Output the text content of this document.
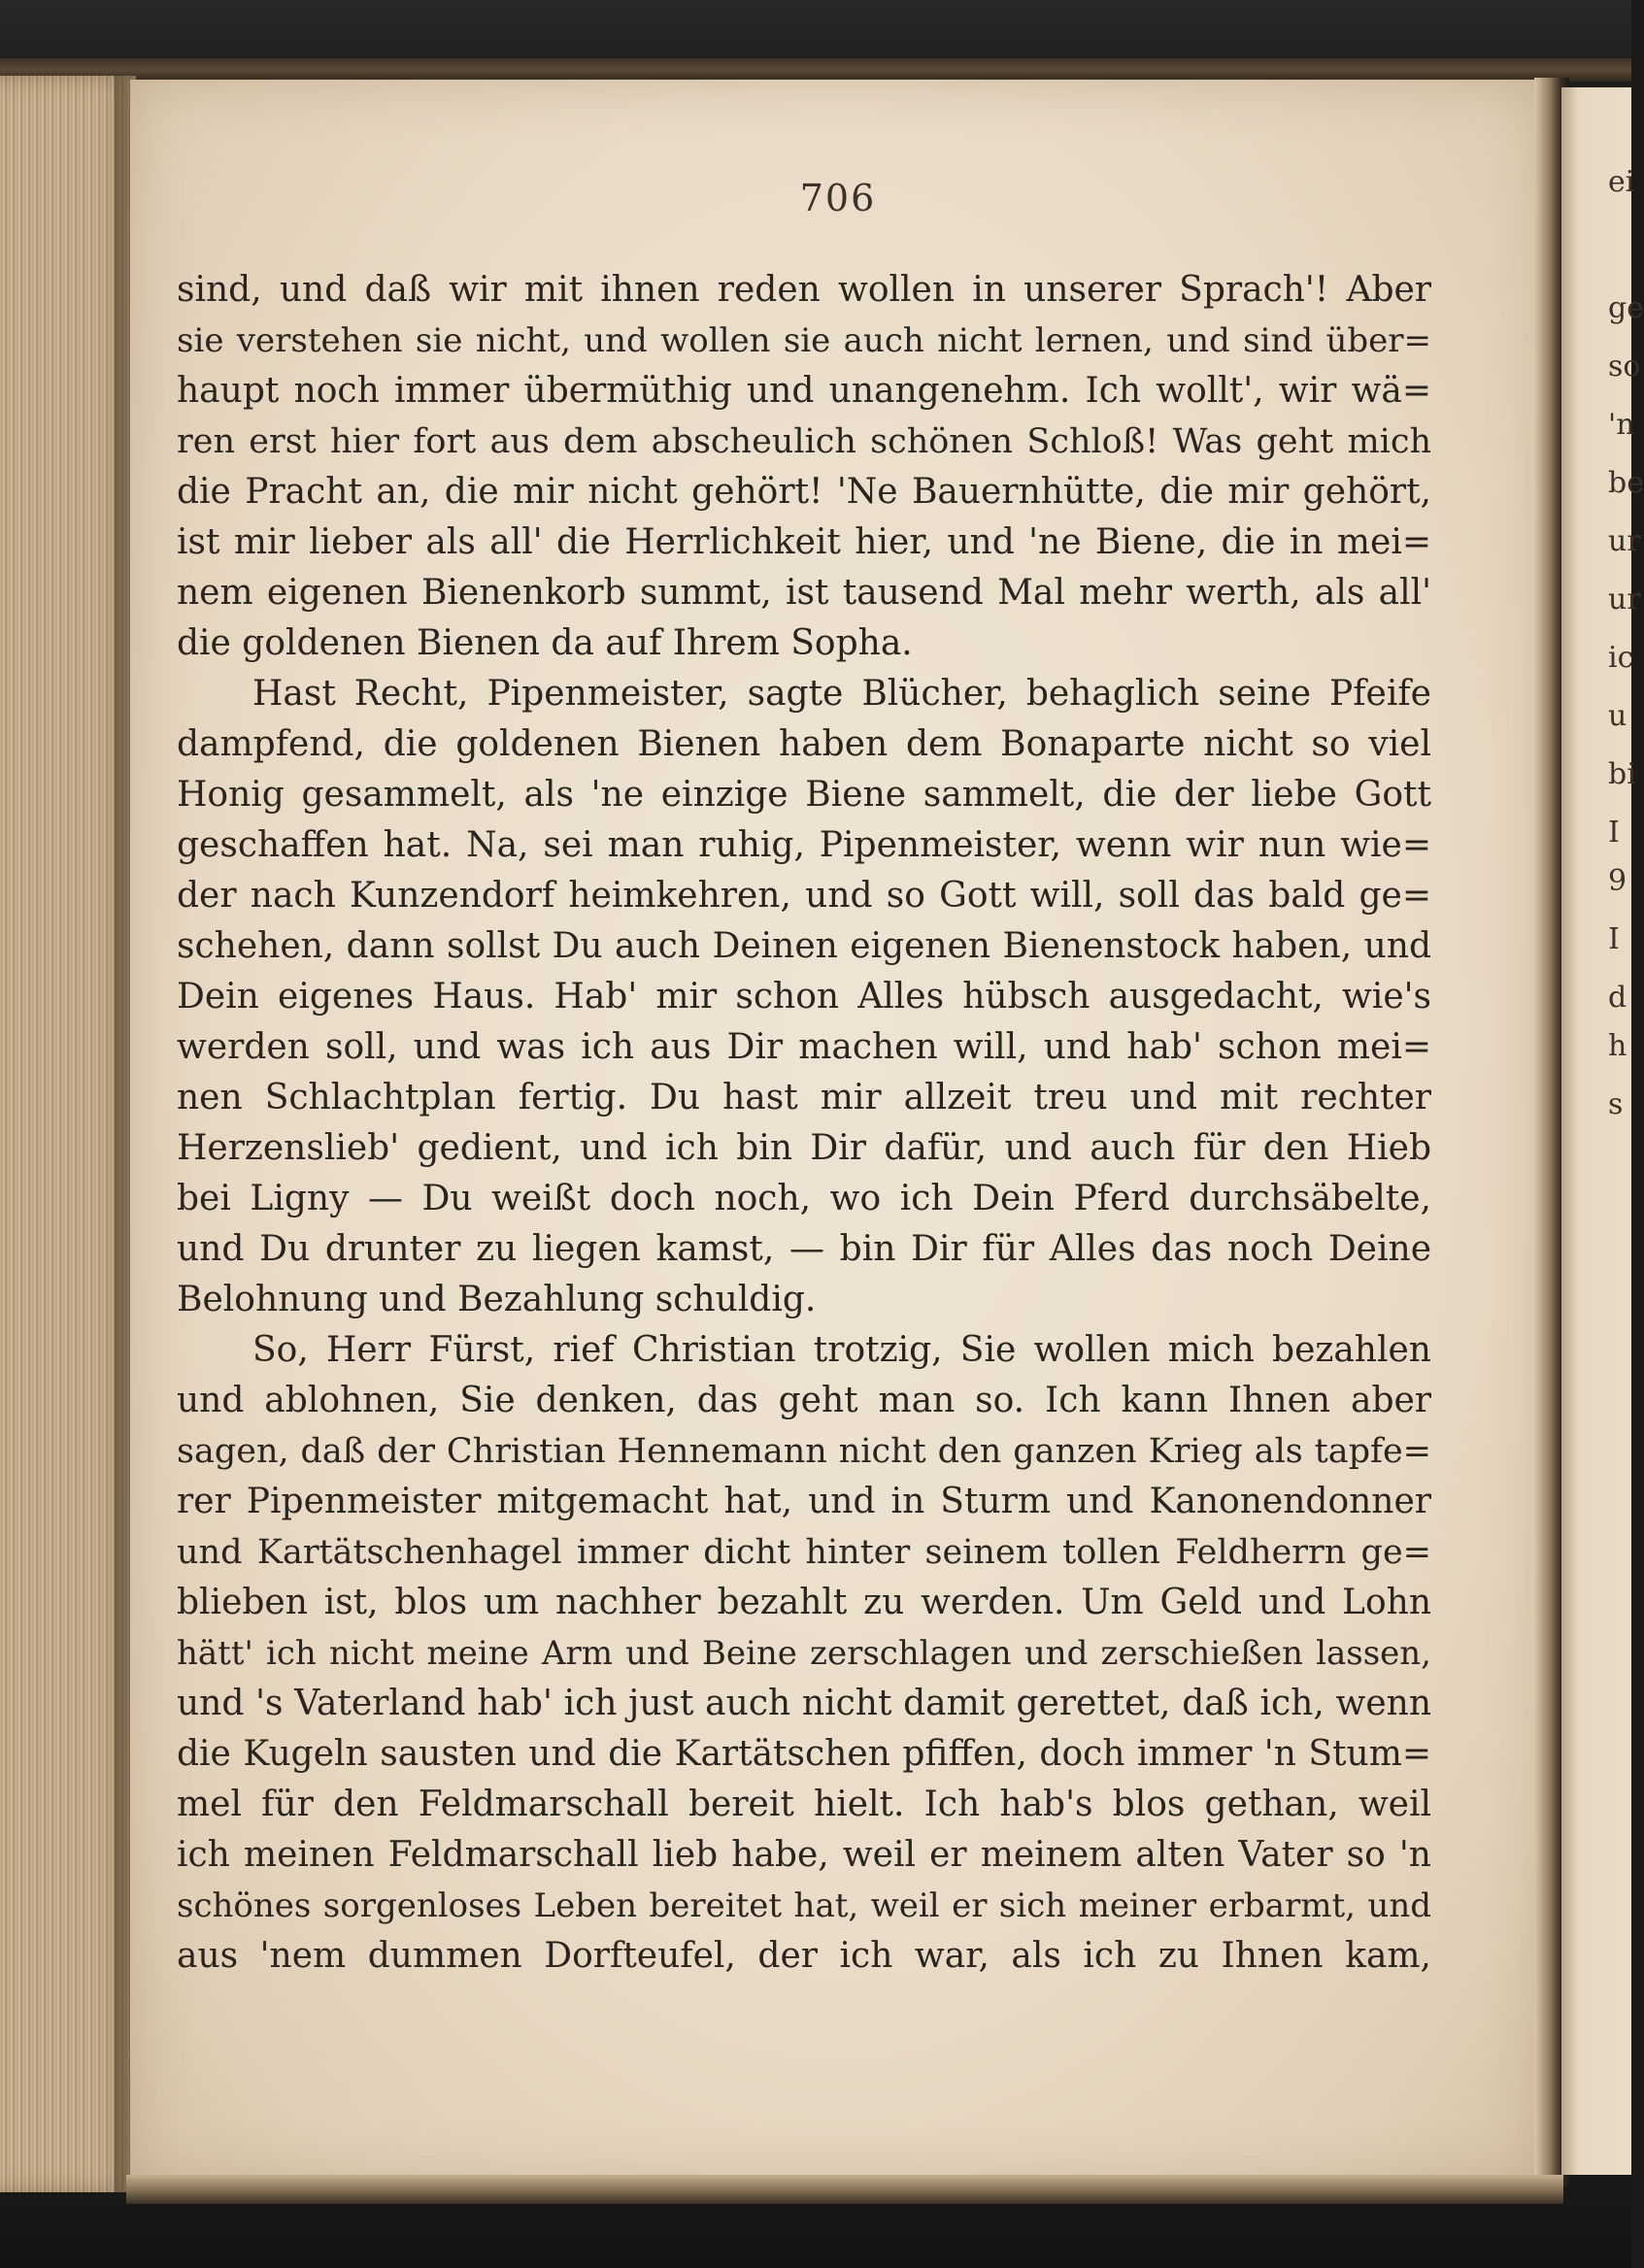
706
sind, und daß wir mit ihnen reden wollen in unserer Sprach'! Aber
sie verstehen sie nicht, und wollen sie auch nicht lernen, und sind über=
haupt noch immer übermüthig und unangenehm. Ich wollt', wir wä=
ren erst hier fort aus dem abscheulich schönen Schloß! Was geht mich
die Pracht an, die mir nicht gehört! 'Ne Bauernhütte, die mir gehört,
ist mir lieber als all' die Herrlichkeit hier, und 'ne Biene, die in mei=
nem eigenen Bienenkorb summt, ist tausend Mal mehr werth, als all'
die goldenen Bienen da auf Ihrem Sopha.
Hast Recht, Pipenmeister, sagte Blücher, behaglich seine Pfeife
dampfend, die goldenen Bienen haben dem Bonaparte nicht so viel
Honig gesammelt, als 'ne einzige Biene sammelt, die der liebe Gott
geschaffen hat. Na, sei man ruhig, Pipenmeister, wenn wir nun wie=
der nach Kunzendorf heimkehren, und so Gott will, soll das bald ge=
schehen, dann sollst Du auch Deinen eigenen Bienenstock haben, und
Dein eigenes Haus. Hab' mir schon Alles hübsch ausgedacht, wie's
werden soll, und was ich aus Dir machen will, und hab' schon mei=
nen Schlachtplan fertig. Du hast mir allzeit treu und mit rechter
Herzenslieb' gedient, und ich bin Dir dafür, und auch für den Hieb
bei Ligny — Du weißt doch noch, wo ich Dein Pferd durchsäbelte,
und Du drunter zu liegen kamst, — bin Dir für Alles das noch Deine
Belohnung und Bezahlung schuldig.
So, Herr Fürst, rief Christian trotzig, Sie wollen mich bezahlen
und ablohnen, Sie denken, das geht man so. Ich kann Ihnen aber
sagen, daß der Christian Hennemann nicht den ganzen Krieg als tapfe=
rer Pipenmeister mitgemacht hat, und in Sturm und Kanonendonner
und Kartätschenhagel immer dicht hinter seinem tollen Feldherrn ge=
blieben ist, blos um nachher bezahlt zu werden. Um Geld und Lohn
hätt' ich nicht meine Arm und Beine zerschlagen und zerschießen lassen,
und 's Vaterland hab' ich just auch nicht damit gerettet, daß ich, wenn
die Kugeln sausten und die Kartätschen pfiffen, doch immer 'n Stum=
mel für den Feldmarschall bereit hielt. Ich hab's blos gethan, weil
ich meinen Feldmarschall lieb habe, weil er meinem alten Vater so 'n
schönes sorgenloses Leben bereitet hat, weil er sich meiner erbarmt, und
aus 'nem dummen Dorfteufel, der ich war, als ich zu Ihnen kam,
ei
ge
so
'n
be
ur
ur
ic
u
bi
I
9
I
d
h
s
